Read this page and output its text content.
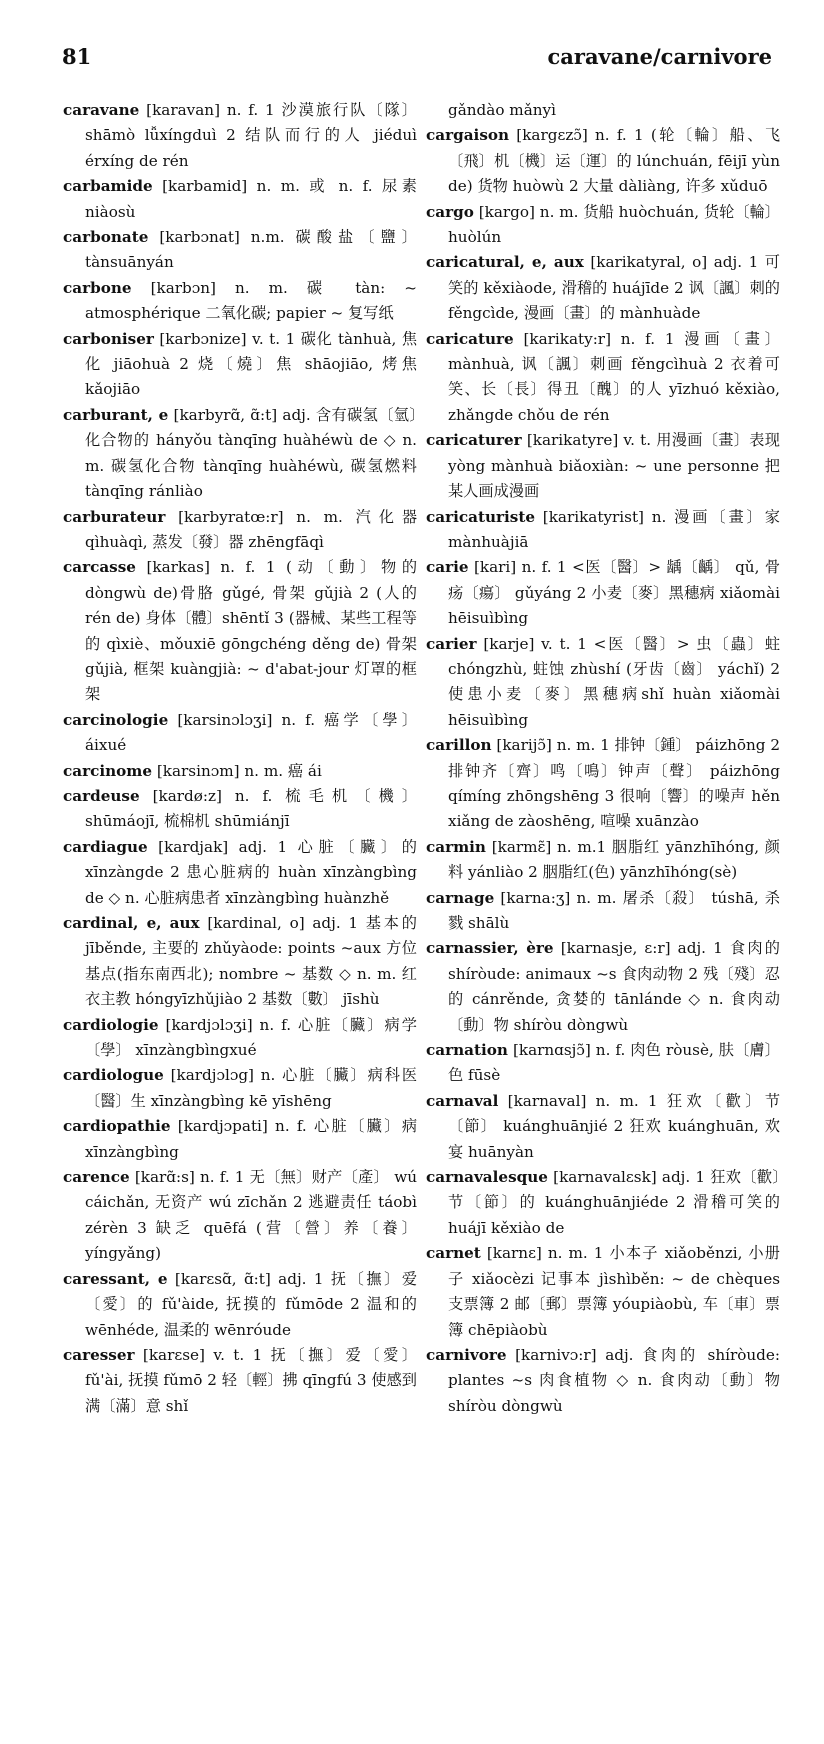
81	caravane/carnivore

caravane [karavan] n. f. 1 沙漠旅行队〔隊〕shāmò lǚxíngduì 2 结队而行的人 jiéduì érxíng de rén

carbamide [karbamid] n. m. 或 n. f. 尿素 niàosù

carbonate [karbɔnat] n.m. 碳酸盐〔鹽〕 tànsuānyán

carbone [karbɔn] n. m. 碳 tàn: ~ atmosphérique 二氧化碳; papier ~ 复写纸

carboniser [karbɔnize] v. t. 1 碳化 tànhuà, 焦化 jiāohuà 2 烧〔燒〕焦 shāojiāo, 烤焦 kǎojiāo

carburant, e [karbyrɑ̃, ɑ̃:t] adj. 含有碳氢〔氫〕化合物的 hányǒu tànqīng huàhéwù de ◇ n. m. 碳氢化合物 tànqīng huàhéwù, 碳氢燃料 tànqīng ránliào

carburateur [karbyratœ:r] n. m. 汽化器 qìhuàqì, 蒸发〔發〕器 zhēngfāqì

carcasse [karkas] n. f. 1 (动〔動〕物的 dòngwù de)骨胳 gǔgé, 骨架 gǔjià 2 (人的 rén de) 身体〔體〕shēntǐ 3 (器械、某些工程等的 qìxiè、mǒuxiē gōngchéng děng de) 骨架 gǔjià, 框架 kuàngjià: ~ d'abat-jour 灯罩的框架

carcinologie [karsinɔlɔʒi] n. f. 癌学〔學〕 áixué

carcinome [karsinɔm] n. m. 癌 ái

cardeuse [kardø:z] n. f. 梳毛机〔機〕 shūmáojī, 梳棉机 shūmiánjī

cardiague [kardjak] adj. 1 心脏〔臟〕的 xīnzàngde 2 患心脏病的 huàn xīnzàngbìng de ◇ n. 心脏病患者 xīnzàngbìng huànzhě

cardinal, e, aux [kardinal, o] adj. 1 基本的 jīběnde, 主要的 zhǔyàode: points ~aux 方位基点(指东南西北); nombre ~ 基数 ◇ n. m. 红衣主教 hóngyīzhǔjiào 2 基数〔數〕 jīshù

cardiologie [kardjɔlɔʒi] n. f. 心脏〔臟〕病学〔學〕 xīnzàngbìngxué

cardiologue [kardjɔlɔg] n. 心脏〔臟〕病科医〔醫〕生 xīnzàngbìng kē yīshēng

cardiopathie [kardjɔpati] n. f. 心脏〔臟〕病 xīnzàngbìng

carence [karɑ̃:s] n. f. 1 无〔無〕财产〔產〕 wú cáichǎn, 无资产 wú zīchǎn 2 逃避责任 táobì zérèn 3 缺乏 quēfá (营〔營〕养〔養〕 yíngyǎng)

caressant, e [karɛsɑ̃, ɑ̃:t] adj. 1 抚〔撫〕爱〔愛〕的 fǔ'àide, 抚摸的 fǔmōde 2 温和的 wēnhéde, 温柔的 wēnróude

caresser [karɛse] v. t. 1 抚〔撫〕爱〔愛〕 fǔ'ài, 抚摸 fǔmō 2 轻〔輕〕拂 qīngfú 3 使感到满〔滿〕意 shǐ

gǎndào mǎnyì

cargaison [kargɛzɔ̃] n. f. 1 (轮〔輪〕船、飞〔飛〕机〔機〕运〔運〕的 lúnchuán, fēijī yùn de) 货物 huòwù 2 大量 dàliàng, 许多 xǔduō

cargo [kargo] n. m. 货船 huòchuán, 货轮〔輪〕 huòlún

caricatural, e, aux [karikatyral, o] adj. 1 可笑的 kěxiàode, 滑稽的 huájīde 2 讽〔諷〕刺的 fěngcìde, 漫画〔畫〕的 mànhuàde

caricature [karikaty:r] n. f. 1 漫画〔畫〕 mànhuà, 讽〔諷〕刺画 fěngcìhuà 2 衣着可笑、长〔長〕得丑〔醜〕的人 yīzhuó kěxiào, zhǎngde chǒu de rén

caricaturer [karikatyre] v. t. 用漫画〔畫〕表现 yòng mànhuà biǎoxiàn: ~ une personne 把某人画成漫画

caricaturiste [karikatyrist] n. 漫画〔畫〕家 mànhuàjiā

carie [kari] n. f. 1 <医〔醫〕> 龋〔齲〕 qǔ, 骨疡〔瘍〕 gǔyáng 2 小麦〔麥〕黑穗病 xiǎomài hēisuìbìng

carier [karje] v. t. 1 <医〔醫〕> 虫〔蟲〕蛀 chóngzhù, 蛀蚀 zhùshí (牙齿〔齒〕 yáchǐ) 2 使患小麦〔麥〕黑穗病shǐ huàn xiǎomài hēisuìbìng

carillon [karijɔ̃] n. m. 1 排钟〔鍾〕 páizhōng 2 排钟齐〔齊〕鸣〔鳴〕钟声〔聲〕 páizhōng qímíng zhōngshēng 3 很响〔響〕的噪声 hěn xiǎng de zàoshēng, 喧噪 xuānzào

carmin [karmɛ̃] n. m.1 胭脂红 yānzhīhóng, 颜料 yánliào 2 胭脂红(色) yānzhīhóng(sè)

carnage [karna:ʒ] n. m. 屠杀〔殺〕 túshā, 杀戮 shālù

carnassier, ère [karnasje, ɛ:r] adj. 1 食肉的 shíròude: animaux ~s 食肉动物 2 残〔殘〕忍的 cánrěnde, 贪婪的 tānlánde ◇ n. 食肉动〔動〕物 shíròu dòngwù

carnation [karnɑsjɔ̃] n. f. 肉色 ròusè, 肤〔膚〕色 fūsè

carnaval [karnaval] n. m. 1 狂欢〔歡〕节〔節〕 kuánghuānjié 2 狂欢 kuánghuān, 欢宴 huānyàn

carnavalesque [karnavalɛsk] adj. 1 狂欢〔歡〕节〔節〕的 kuánghuānjiéde 2 滑稽可笑的 huájī kěxiào de

carnet [karnɛ] n. m. 1 小本子 xiǎoběnzi, 小册子 xiǎocèzi 记事本 jìshìběn: ~ de chèques 支票簿 2 邮〔郵〕票簿 yóupiàobù, 车〔車〕票簿 chēpiàobù

carnivore [karnivɔ:r] adj. 食肉的 shíròude: plantes ~s 肉食植物 ◇ n. 食肉动〔動〕物 shíròu dòngwù
